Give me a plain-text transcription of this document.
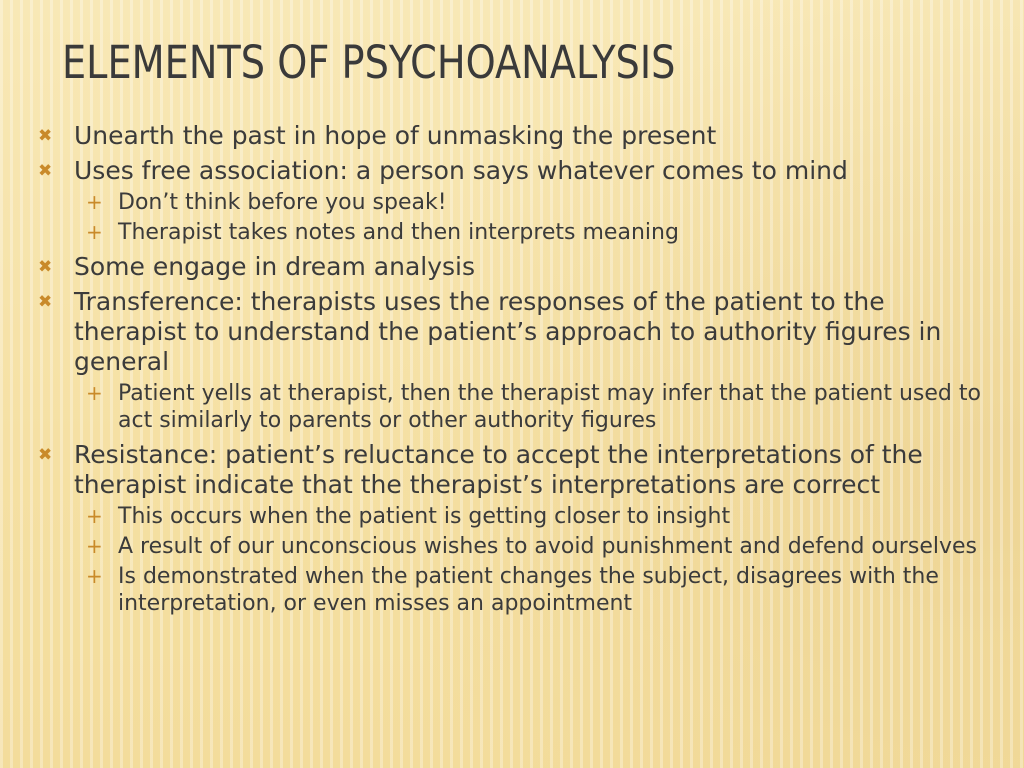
ELEMENTS OF PSYCHOANALYSIS
✖ Unearth the past in hope of unmasking the present
✖ Uses free association: a person says whatever comes to mind
+ Don’t think before you speak!
+ Therapist takes notes and then interprets meaning
✖ Some engage in dream analysis
✖ Transference: therapists uses the responses of the patient to the therapist to understand the patient’s approach to authority figures in general
+ Patient yells at therapist, then the therapist may infer that the patient used to act similarly to parents or other authority figures
✖ Resistance: patient’s reluctance to accept the interpretations of the therapist indicate that the therapist’s interpretations are correct
+ This occurs when the patient is getting closer to insight
+ A result of our unconscious wishes to avoid punishment and defend ourselves
+ Is demonstrated when the patient changes the subject, disagrees with the interpretation, or even misses an appointment
